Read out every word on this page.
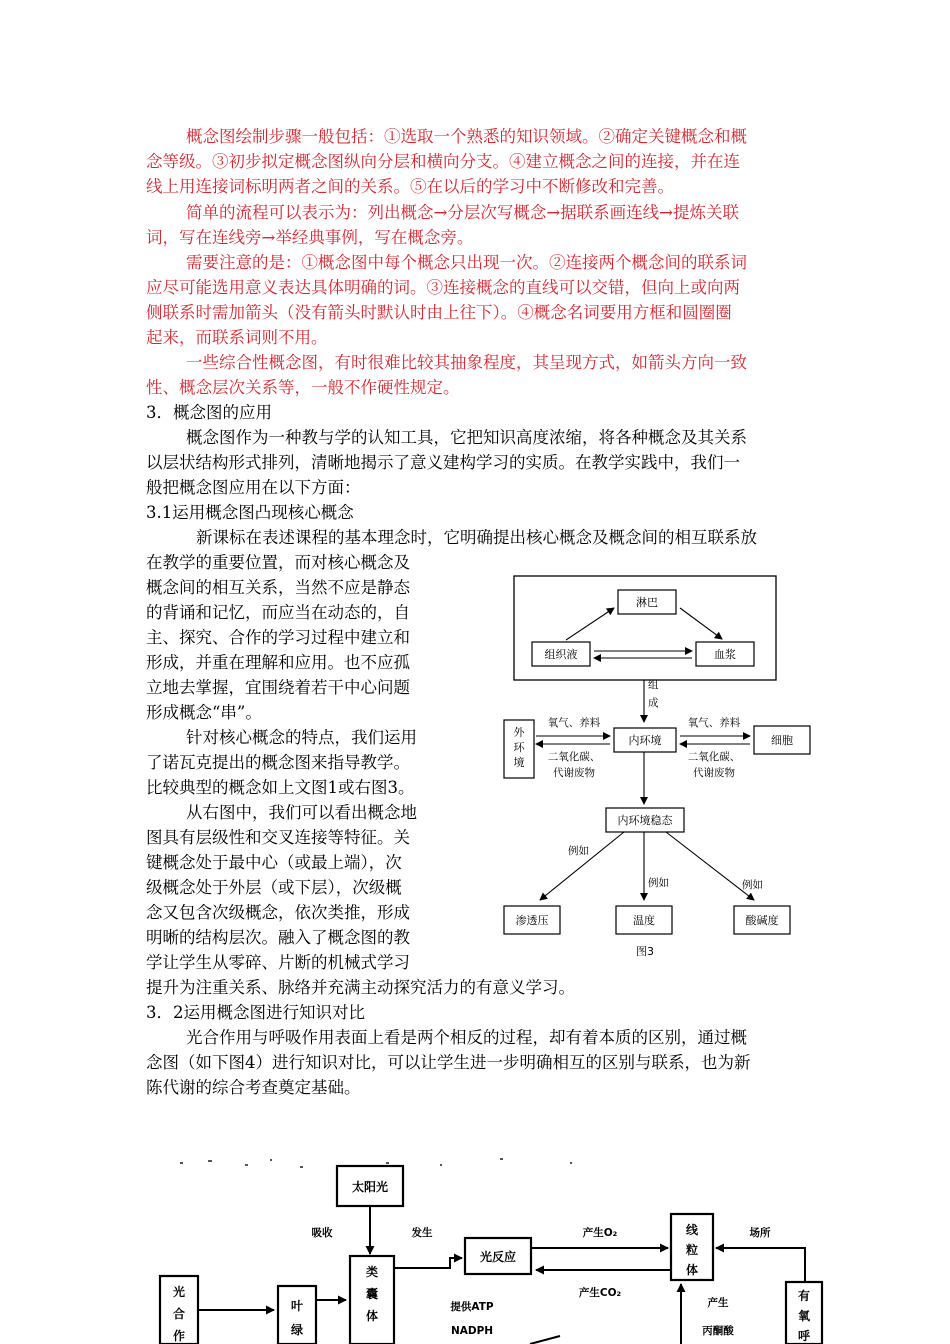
概念图绘制步骤一般包括：①选取一个熟悉的知识领域。②确定关键概念和概
念等级。③初步拟定概念图纵向分层和横向分支。④建立概念之间的连接，并在连
线上用连接词标明两者之间的关系。⑤在以后的学习中不断修改和完善。
简单的流程可以表示为：列出概念→分层次写概念→据联系画连线→提炼关联
词，写在连线旁→举经典事例，写在概念旁。
需要注意的是：①概念图中每个概念只出现一次。②连接两个概念间的联系词
应尽可能选用意义表达具体明确的词。③连接概念的直线可以交错，但向上或向两
侧联系时需加箭头（没有箭头时默认时由上往下）。④概念名词要用方框和圆圈圈
起来，而联系词则不用。
一些综合性概念图，有时很难比较其抽象程度，其呈现方式，如箭头方向一致
性、概念层次关系等，一般不作硬性规定。
3．概念图的应用
概念图作为一种教与学的认知工具，它把知识高度浓缩，将各种概念及其关系
以层状结构形式排列，清晰地揭示了意义建构学习的实质。在教学实践中，我们一
般把概念图应用在以下方面：
3.1运用概念图凸现核心概念
新课标在表述课程的基本理念时，它明确提出核心概念及概念间的相互联系放
在教学的重要位置，而对核心概念及
概念间的相互关系，当然不应是静态
的背诵和记忆，而应当在动态的，自
主、探究、合作的学习过程中建立和
形成，并重在理解和应用。也不应孤
立地去掌握，宜围绕着若干中心问题
形成概念“串”。
针对核心概念的特点，我们运用
了诺瓦克提出的概念图来指导教学。
比较典型的概念如上文图1或右图3。
从右图中，我们可以看出概念地
图具有层级性和交叉连接等特征。关
键概念处于最中心（或最上端），次
级概念处于外层（或下层），次级概
念又包含次级概念，依次类推，形成
明晰的结构层次。融入了概念图的教
学让学生从零碎、片断的机械式学习
提升为注重关系、脉络并充满主动探究活力的有意义学习。
淋巴
组织液	血浆
组成
外环境
内环境	细胞
氧气、养料
二氧化碳、
代谢废物
氧气、养料
二氧化碳、
代谢废物
内环境稳态
例如
例如	例如
渗透压	温度	酸碱度
图3
3．2运用概念图进行知识对比
光合作用与呼吸作用表面上看是两个相反的过程，却有着本质的区别，通过概
念图（如下图4）进行知识对比，可以让学生进一步明确相互的区别与联系，也为新
陈代谢的综合考查奠定基础。
太阳光
类囊体
吸收	发生
光反应
产生O₂	线粒体
场所
产生CO₂	有氧呼
产生
丙酮酸
提供ATP
NADPH
光合作
叶绿
